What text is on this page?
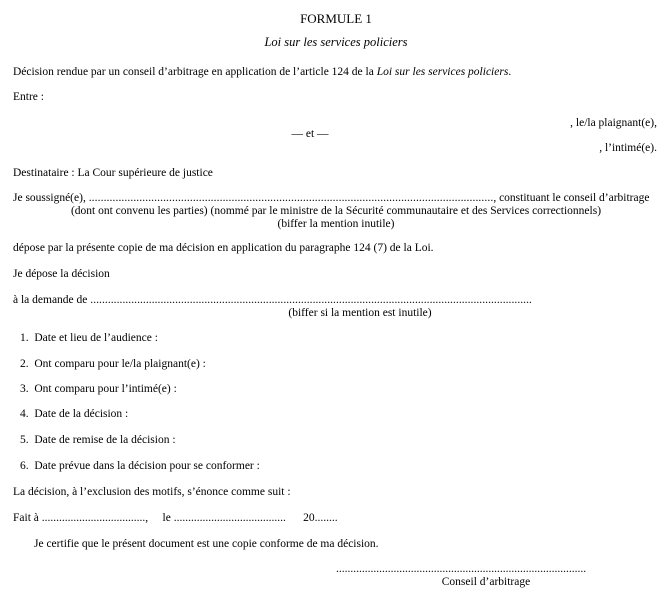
FORMULE 1
Loi sur les services policiers
Décision rendue par un conseil d’arbitrage en application de l’article 124 de la Loi sur les services policiers.
Entre :
, le/la plaignant(e),
— et —
, l’intimé(e).
Destinataire : La Cour supérieure de justice
Je soussigné(e), ........................................................................................................................................, constituant le conseil d’arbitrage
(dont ont convenu les parties) (nommé par le ministre de la Sécurité communautaire et des Services correctionnels)
(biffer la mention inutile)
dépose par la présente copie de ma décision en application du paragraphe 124 (7) de la Loi.
Je dépose la décision
à la demande de .......................................................................................................................................................
(biffer si la mention est inutile)
1.  Date et lieu de l’audience :
2.  Ont comparu pour le/la plaignant(e) :
3.  Ont comparu pour l’intimé(e) :
4.  Date de la décision :
5.  Date de remise de la décision :
6.  Date prévue dans la décision pour se conformer :
La décision, à l’exclusion des motifs, s’énonce comme suit :
Fait à ...................................., le ....................................... 20........
Je certifie que le présent document est une copie conforme de ma décision.
.......................................................................................
Conseil d’arbitrage
